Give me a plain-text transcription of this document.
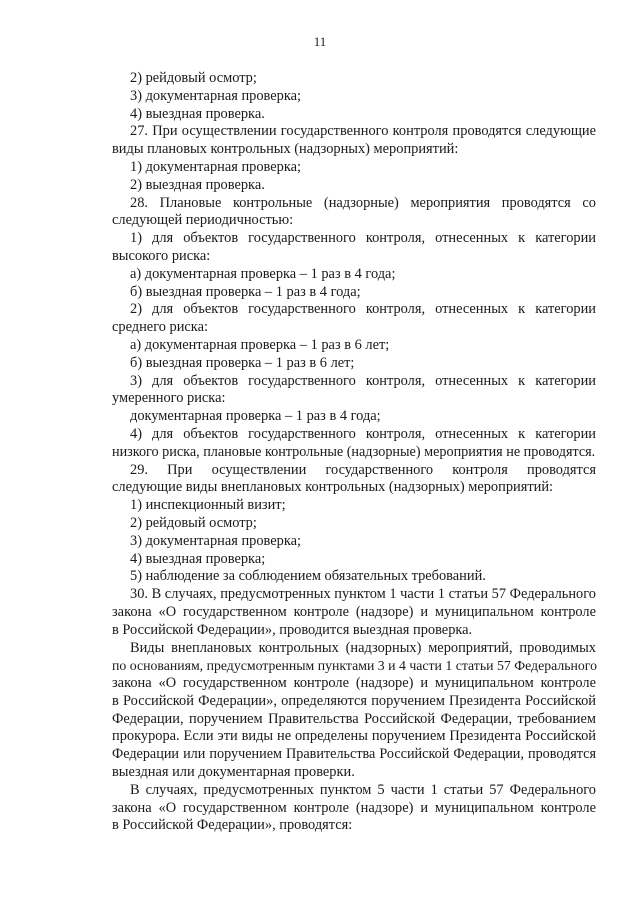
11
2) рейдовый осмотр;
3) документарная проверка;
4) выездная проверка.
27. При осуществлении государственного контроля проводятся следующие
виды плановых контрольных (надзорных) мероприятий:
1) документарная проверка;
2) выездная проверка.
28. Плановые контрольные (надзорные) мероприятия проводятся со
следующей периодичностью:
1) для объектов государственного контроля, отнесенных к категории
высокого риска:
а) документарная проверка – 1 раз в 4 года;
б) выездная проверка – 1 раз в 4 года;
2) для объектов государственного контроля, отнесенных к категории
среднего риска:
а) документарная проверка – 1 раз в 6 лет;
б) выездная проверка – 1 раз в 6 лет;
3) для объектов государственного контроля, отнесенных к категории
умеренного риска:
документарная проверка – 1 раз в 4 года;
4) для объектов государственного контроля, отнесенных к категории
низкого риска, плановые контрольные (надзорные) мероприятия не проводятся.
29. При осуществлении государственного контроля проводятся
следующие виды внеплановых контрольных (надзорных) мероприятий:
1) инспекционный визит;
2) рейдовый осмотр;
3) документарная проверка;
4) выездная проверка;
5) наблюдение за соблюдением обязательных требований.
30. В случаях, предусмотренных пунктом 1 части 1 статьи 57 Федерального
закона «О государственном контроле (надзоре) и муниципальном контроле
в Российской Федерации», проводится выездная проверка.
Виды внеплановых контрольных (надзорных) мероприятий, проводимых
по основаниям, предусмотренным пунктами 3 и 4 части 1 статьи 57 Федерального
закона «О государственном контроле (надзоре) и муниципальном контроле
в Российской Федерации», определяются поручением Президента Российской
Федерации, поручением Правительства Российской Федерации, требованием
прокурора. Если эти виды не определены поручением Президента Российской
Федерации или поручением Правительства Российской Федерации, проводятся
выездная или документарная проверки.
В случаях, предусмотренных пунктом 5 части 1 статьи 57 Федерального
закона «О государственном контроле (надзоре) и муниципальном контроле
в Российской Федерации», проводятся:
